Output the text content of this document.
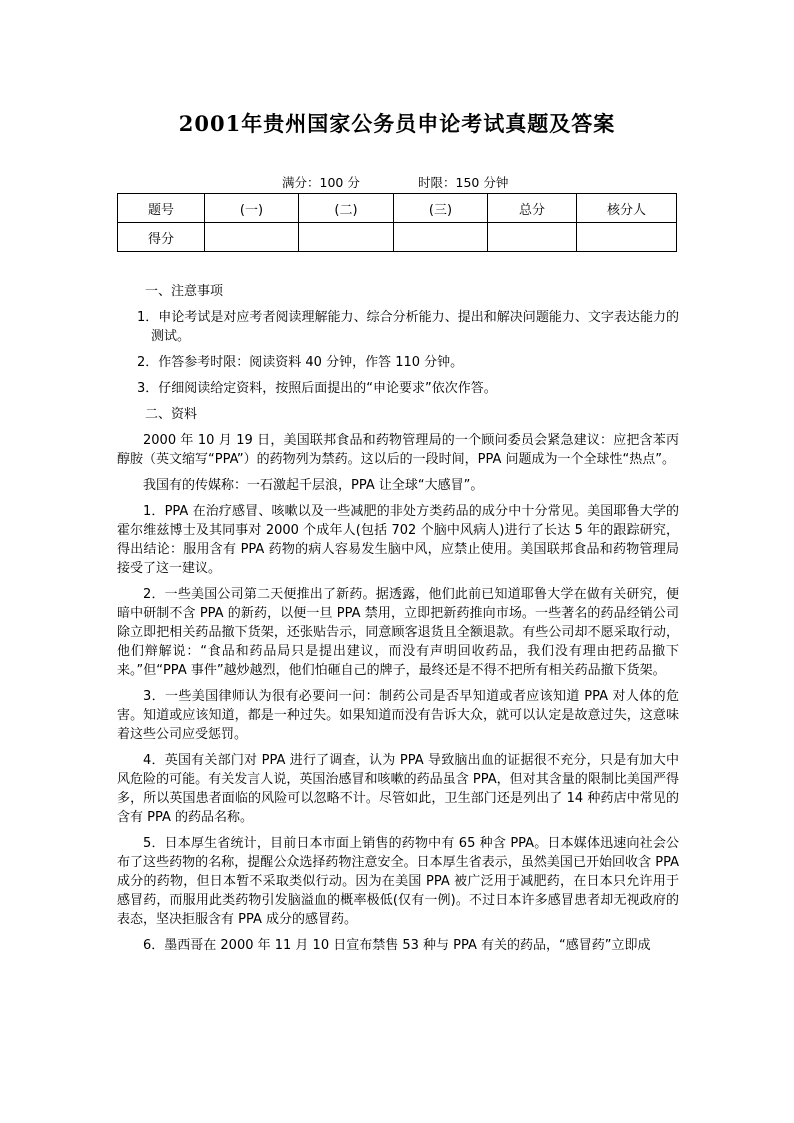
2001年贵州国家公务员申论考试真题及答案
满分：100 分	时限：150 分钟
题号	(一)	(二)	(三)	总分	核分人
得分					

一、注意事项

1．申论考试是对应考者阅读理解能力、综合分析能力、提出和解决问题能力、文字表达能力的测试。

2．作答参考时限：阅读资料 40 分钟，作答 110 分钟。

3．仔细阅读给定资料，按照后面提出的“申论要求”依次作答。

二、资料

2000 年 10 月 19 日，美国联邦食品和药物管理局的一个顾问委员会紧急建议：应把含苯丙醇胺（英文缩写“PPA”）的药物列为禁药。这以后的一段时间，PPA 问题成为一个全球性“热点”。

我国有的传媒称：一石激起千层浪，PPA 让全球“大感冒”。

1．PPA 在治疗感冒、咳嗽以及一些减肥的非处方类药品的成分中十分常见。美国耶鲁大学的霍尔维兹博士及其同事对 2000 个成年人(包括 702 个脑中风病人)进行了长达 5 年的跟踪研究，得出结论：服用含有 PPA 药物的病人容易发生脑中风，应禁止使用。美国联邦食品和药物管理局接受了这一建议。

2．一些美国公司第二天便推出了新药。据透露，他们此前已知道耶鲁大学在做有关研究，便暗中研制不含 PPA 的新药，以便一旦 PPA 禁用，立即把新药推向市场。一些著名的药品经销公司除立即把相关药品撤下货架，还张贴告示，同意顾客退货且全额退款。有些公司却不愿采取行动，他们辩解说：“食品和药品局只是提出建议，而没有声明回收药品，我们没有理由把药品撤下来。”但“PPA 事件”越炒越烈，他们怕砸自己的牌子，最终还是不得不把所有相关药品撤下货架。

3．一些美国律师认为很有必要问一问：制药公司是否早知道或者应该知道 PPA 对人体的危害。知道或应该知道，都是一种过失。如果知道而没有告诉大众，就可以认定是故意过失，这意味着这些公司应受惩罚。

4．英国有关部门对 PPA 进行了调查，认为 PPA 导致脑出血的证据很不充分，只是有加大中风危险的可能。有关发言人说，英国治感冒和咳嗽的药品虽含 PPA，但对其含量的限制比美国严得多，所以英国患者面临的风险可以忽略不计。尽管如此，卫生部门还是列出了 14 种药店中常见的含有 PPA 的药品名称。

5．日本厚生省统计，目前日本市面上销售的药物中有 65 种含 PPA。日本媒体迅速向社会公布了这些药物的名称，提醒公众选择药物注意安全。日本厚生省表示，虽然美国已开始回收含 PPA 成分的药物，但日本暂不采取类似行动。因为在美国 PPA 被广泛用于减肥药，在日本只允许用于感冒药，而服用此类药物引发脑溢血的概率极低(仅有一例)。不过日本许多感冒患者却无视政府的表态，坚决拒服含有 PPA 成分的感冒药。

6．墨西哥在 2000 年 11 月 10 日宣布禁售 53 种与 PPA 有关的药品，“感冒药”立即成
